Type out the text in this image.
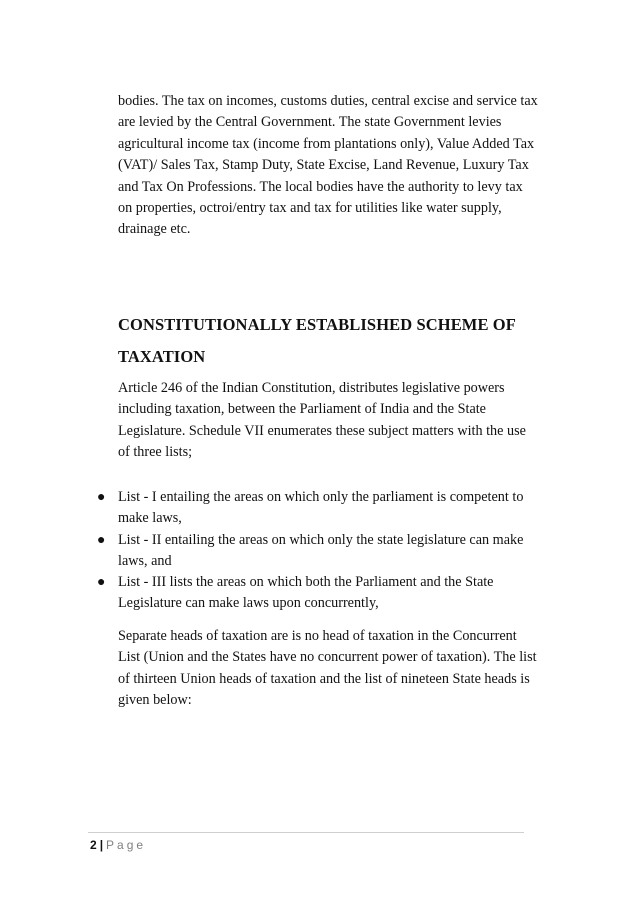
bodies. The tax on incomes, customs duties, central excise and service tax are levied by the Central Government. The state Government levies agricultural income tax (income from plantations only), Value Added Tax (VAT)/ Sales Tax, Stamp Duty, State Excise, Land Revenue, Luxury Tax and Tax On Professions. The local bodies have the authority to levy tax on properties, octroi/entry tax and tax for utilities like water supply, drainage etc.
CONSTITUTIONALLY ESTABLISHED SCHEME OF TAXATION
Article 246 of the Indian Constitution, distributes legislative powers including taxation, between the Parliament of India and the State Legislature. Schedule VII enumerates these subject matters with the use of three lists;
● List - I entailing the areas on which only the parliament is competent to make laws,
● List - II entailing the areas on which only the state legislature can make laws, and
● List - III lists the areas on which both the Parliament and the State Legislature can make laws upon concurrently,
Separate heads of taxation are is no head of taxation in the Concurrent List (Union and the States have no concurrent power of taxation). The list of thirteen Union heads of taxation and the list of nineteen State heads is given below:
2 | Page
